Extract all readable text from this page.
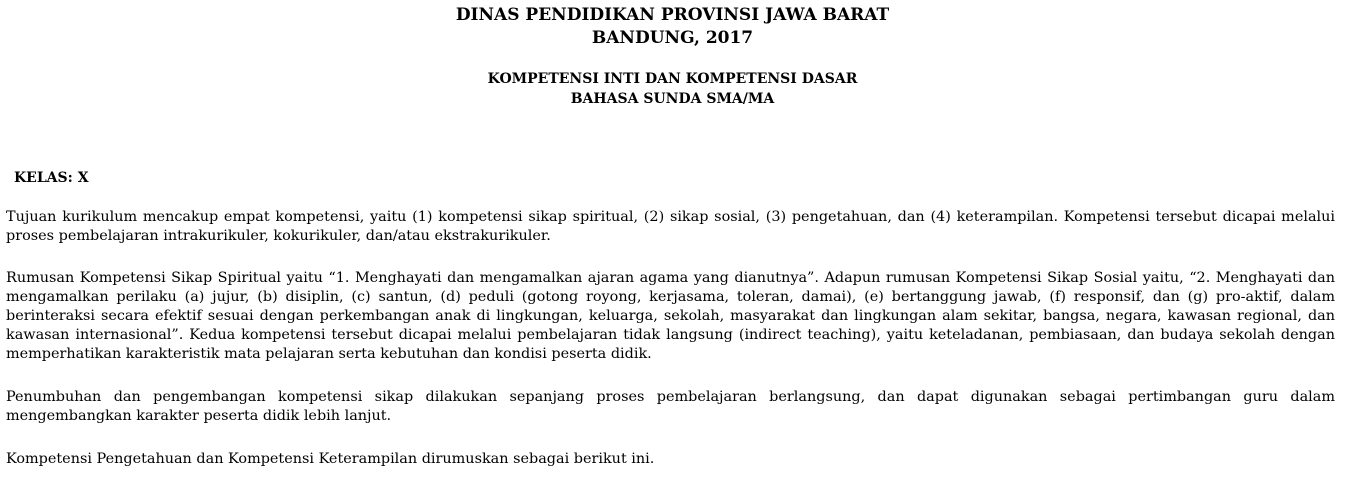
DINAS PENDIDIKAN PROVINSI JAWA BARAT
BANDUNG, 2017
KOMPETENSI INTI DAN KOMPETENSI DASAR
BAHASA SUNDA SMA/MA
KELAS: X

Tujuan kurikulum mencakup empat kompetensi, yaitu (1) kompetensi sikap spiritual, (2) sikap sosial, (3) pengetahuan, dan (4) keterampilan. Kompetensi tersebut dicapai melalui proses pembelajaran intrakurikuler, kokurikuler, dan/atau ekstrakurikuler.

Rumusan Kompetensi Sikap Spiritual yaitu “1. Menghayati dan mengamalkan ajaran agama yang dianutnya”. Adapun rumusan Kompetensi Sikap Sosial yaitu, “2. Menghayati dan mengamalkan perilaku (a) jujur, (b) disiplin, (c) santun, (d) peduli (gotong royong, kerjasama, toleran, damai), (e) bertanggung jawab, (f) responsif, dan (g) pro-aktif, dalam berinteraksi secara efektif sesuai dengan perkembangan anak di lingkungan, keluarga, sekolah, masyarakat dan lingkungan alam sekitar, bangsa, negara, kawasan regional, dan kawasan internasional”. Kedua kompetensi tersebut dicapai melalui pembelajaran tidak langsung (indirect teaching), yaitu keteladanan, pembiasaan, dan budaya sekolah dengan memperhatikan karakteristik mata pelajaran serta kebutuhan dan kondisi peserta didik.

Penumbuhan dan pengembangan kompetensi sikap dilakukan sepanjang proses pembelajaran berlangsung, dan dapat digunakan sebagai pertimbangan guru dalam mengembangkan karakter peserta didik lebih lanjut.

Kompetensi Pengetahuan dan Kompetensi Keterampilan dirumuskan sebagai berikut ini.
